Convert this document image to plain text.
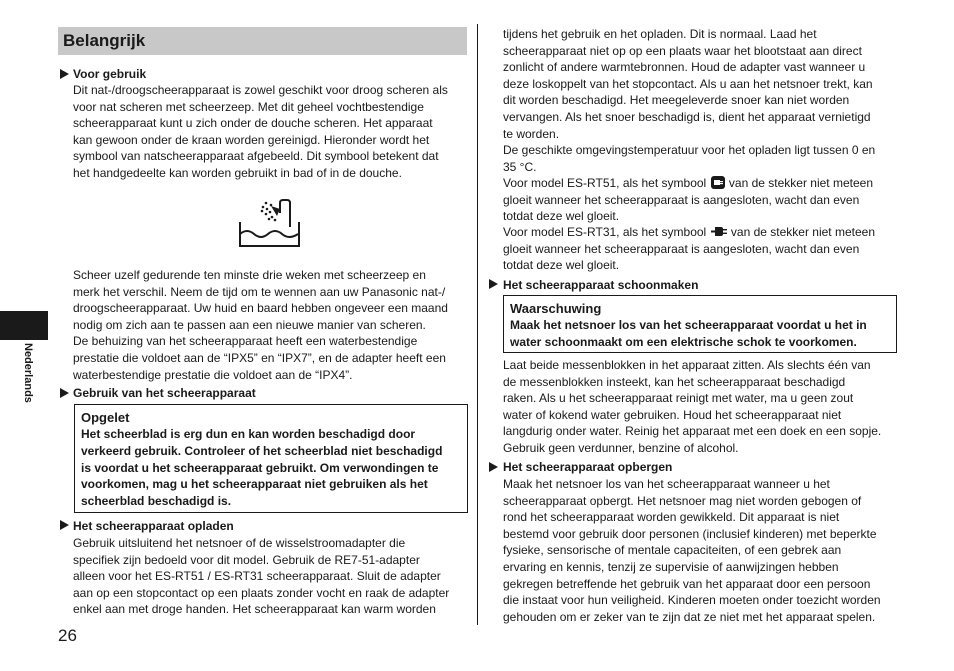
Belangrijk
Nederlands
Voor gebruik

Dit nat-/droogscheerapparaat is zowel geschikt voor droog scheren als
voor nat scheren met scheerzeep. Met dit geheel vochtbestendige
scheerapparaat kunt u zich onder de douche scheren. Het apparaat
kan gewoon onder de kraan worden gereinigd. Hieronder wordt het
symbool van natscheerapparaat afgebeeld. Dit symbool betekent dat
het handgedeelte kan worden gebruikt in bad of in de douche.

Scheer uzelf gedurende ten minste drie weken met scheerzeep en
merk het verschil. Neem de tijd om te wennen aan uw Panasonic nat-/
droogscheerapparaat. Uw huid en baard hebben ongeveer een maand
nodig om zich aan te passen aan een nieuwe manier van scheren.
De behuizing van het scheerapparaat heeft een waterbestendige
prestatie die voldoet aan de “IPX5” en “IPX7”, en de adapter heeft een
waterbestendige prestatie die voldoet aan de “IPX4”.

Gebruik van het scheerapparaat
Opgelet
Het scheerblad is erg dun en kan worden beschadigd door
verkeerd gebruik. Controleer of het scheerblad niet beschadigd
is voordat u het scheerapparaat gebruikt. Om verwondingen te
voorkomen, mag u het scheerapparaat niet gebruiken als het
scheerblad beschadigd is.
Het scheerapparaat opladen

Gebruik uitsluitend het netsnoer of de wisselstroomadapter die
specifiek zijn bedoeld voor dit model. Gebruik de RE7-51-adapter
alleen voor het ES-RT51 / ES-RT31 scheerapparaat. Sluit de adapter
aan op een stopcontact op een plaats zonder vocht en raak de adapter
enkel aan met droge handen. Het scheerapparaat kan warm worden

26

tijdens het gebruik en het opladen. Dit is normaal. Laad het
scheerapparaat niet op op een plaats waar het blootstaat aan direct
zonlicht of andere warmtebronnen. Houd de adapter vast wanneer u
deze loskoppelt van het stopcontact. Als u aan het netsnoer trekt, kan
dit worden beschadigd. Het meegeleverde snoer kan niet worden
vervangen. Als het snoer beschadigd is, dient het apparaat vernietigd
te worden.
De geschikte omgevingstemperatuur voor het opladen ligt tussen 0 en
35 °C.

Voor model ES-RT51, als het symbool van de stekker niet meteen

gloeit wanneer het scheerapparaat is aangesloten, wacht dan even
totdat deze wel gloeit.

Voor model ES-RT31, als het symbool van de stekker niet meteen

gloeit wanneer het scheerapparaat is aangesloten, wacht dan even
totdat deze wel gloeit.

Het scheerapparaat schoonmaken
Waarschuwing
Maak het netsnoer los van het scheerapparaat voordat u het in
water schoonmaakt om een elektrische schok te voorkomen.

Laat beide messenblokken in het apparaat zitten. Als slechts één van
de messenblokken insteekt, kan het scheerapparaat beschadigd
raken. Als u het scheerapparaat reinigt met water, ma u geen zout
water of kokend water gebruiken. Houd het scheerapparaat niet
langdurig onder water. Reinig het apparaat met een doek en een sopje.
Gebruik geen verdunner, benzine of alcohol.

Het scheerapparaat opbergen

Maak het netsnoer los van het scheerapparaat wanneer u het
scheerapparaat opbergt. Het netsnoer mag niet worden gebogen of
rond het scheerapparaat worden gewikkeld. Dit apparaat is niet
bestemd voor gebruik door personen (inclusief kinderen) met beperkte
fysieke, sensorische of mentale capaciteiten, of een gebrek aan
ervaring en kennis, tenzij ze supervisie of aanwijzingen hebben
gekregen betreffende het gebruik van het apparaat door een persoon
die instaat voor hun veiligheid. Kinderen moeten onder toezicht worden
gehouden om er zeker van te zijn dat ze niet met het apparaat spelen.
